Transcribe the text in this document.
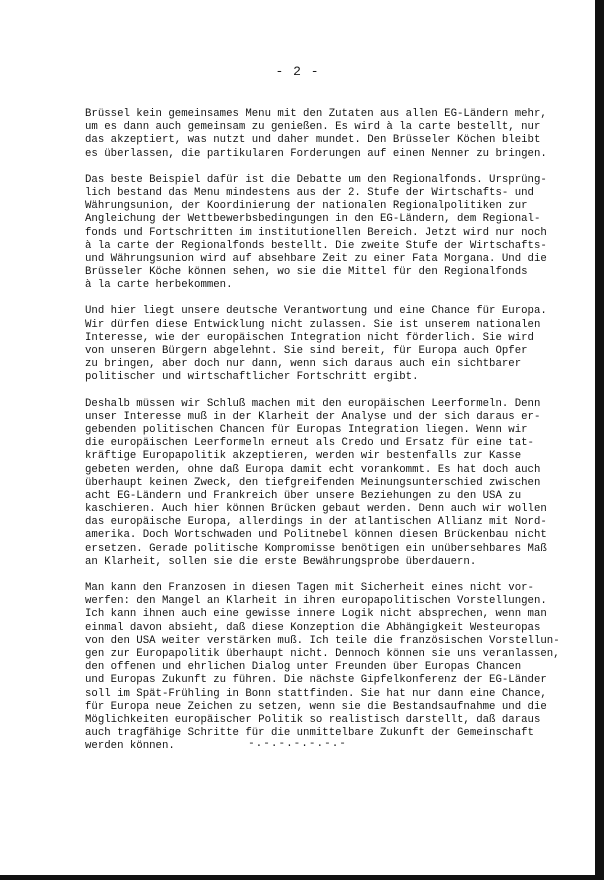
- 2 -
Brüssel kein gemeinsames Menu mit den Zutaten aus allen EG-Ländern mehr,
um es dann auch gemeinsam zu genießen. Es wird à la carte bestellt, nur
das akzeptiert, was nutzt und daher mundet. Den Brüsseler Köchen bleibt
es überlassen, die partikularen Forderungen auf einen Nenner zu bringen.
Das beste Beispiel dafür ist die Debatte um den Regionalfonds. Ursprüng-
lich bestand das Menu mindestens aus der 2. Stufe der Wirtschafts- und
Währungsunion, der Koordinierung der nationalen Regionalpolitiken zur
Angleichung der Wettbewerbsbedingungen in den EG-Ländern, dem Regional-
fonds und Fortschritten im institutionellen Bereich. Jetzt wird nur noch
à la carte der Regionalfonds bestellt. Die zweite Stufe der Wirtschafts-
und Währungsunion wird auf absehbare Zeit zu einer Fata Morgana. Und die
Brüsseler Köche können sehen, wo sie die Mittel für den Regionalfonds
à la carte herbekommen.
Und hier liegt unsere deutsche Verantwortung und eine Chance für Europa.
Wir dürfen diese Entwicklung nicht zulassen. Sie ist unserem nationalen
Interesse, wie der europäischen Integration nicht förderlich. Sie wird
von unseren Bürgern abgelehnt. Sie sind bereit, für Europa auch Opfer
zu bringen, aber doch nur dann, wenn sich daraus auch ein sichtbarer
politischer und wirtschaftlicher Fortschritt ergibt.
Deshalb müssen wir Schluß machen mit den europäischen Leerformeln. Denn
unser Interesse muß in der Klarheit der Analyse und der sich daraus er-
gebenden politischen Chancen für Europas Integration liegen. Wenn wir
die europäischen Leerformeln erneut als Credo und Ersatz für eine tat-
kräftige Europapolitik akzeptieren, werden wir bestenfalls zur Kasse
gebeten werden, ohne daß Europa damit echt vorankommt. Es hat doch auch
überhaupt keinen Zweck, den tiefgreifenden Meinungsunterschied zwischen
acht EG-Ländern und Frankreich über unsere Beziehungen zu den USA zu
kaschieren. Auch hier können Brücken gebaut werden. Denn auch wir wollen
das europäische Europa, allerdings in der atlantischen Allianz mit Nord-
amerika. Doch Wortschwaden und Politnebel können diesen Brückenbau nicht
ersetzen. Gerade politische Kompromisse benötigen ein unübersehbares Maß
an Klarheit, sollen sie die erste Bewährungsprobe überdauern.
Man kann den Franzosen in diesen Tagen mit Sicherheit eines nicht vor-
werfen: den Mangel an Klarheit in ihren europapolitischen Vorstellungen.
Ich kann ihnen auch eine gewisse innere Logik nicht absprechen, wenn man
einmal davon absieht, daß diese Konzeption die Abhängigkeit Westeuropas
von den USA weiter verstärken muß. Ich teile die französischen Vorstellun-
gen zur Europapolitik überhaupt nicht. Dennoch können sie uns veranlassen,
den offenen und ehrlichen Dialog unter Freunden über Europas Chancen
und Europas Zukunft zu führen. Die nächste Gipfelkonferenz der EG-Länder
soll im Spät-Frühling in Bonn stattfinden. Sie hat nur dann eine Chance,
für Europa neue Zeichen zu setzen, wenn sie die Bestandsaufnahme und die
Möglichkeiten europäischer Politik so realistisch darstellt, daß daraus
auch tragfähige Schritte für die unmittelbare Zukunft der Gemeinschaft
werden können.	-.-.-.-.-.-.-
